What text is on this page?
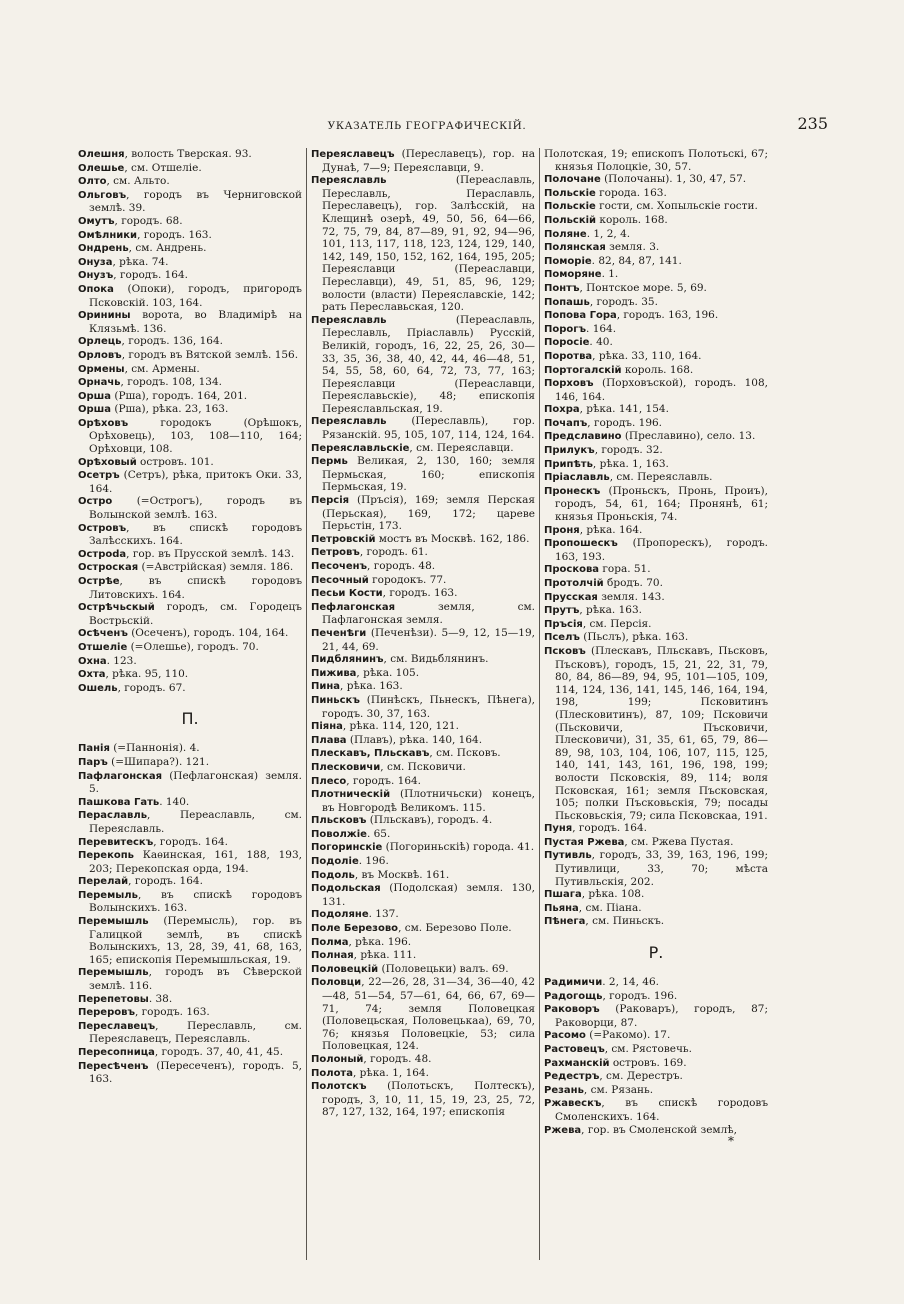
УКАЗАТЕЛЬ ГЕОГРАФИЧЕСКІЙ.	235
Олешня, волость Тверская. 93.
Олешье, см. Отшеліе.
Олто, см. Альто.
Ольговъ, городъ въ Черниговской землѣ. 39.
Омутъ, городъ. 68.
Омѣлники, городъ. 163.
Ондрень, см. Андрень.
Онуза, рѣка. 74.
Онузъ, городъ. 164.
Опока (Опоки), городъ, пригородъ Псковскій. 103, 164.
Оринины ворота, во Владимірѣ на Клязьмѣ. 136.
Орлець, городъ. 136, 164.
Орловъ, городъ въ Вятской землѣ. 156.
Ормены, см. Армены.
Орначь, городъ. 108, 134.
Орша (Рша), городъ. 164, 201.
Орша (Рша), рѣка. 23, 163.
Орѣховъ городокъ (Орѣшокъ, Орѣховець), 103, 108—110, 164; Орѣховци, 108.
Орѣховый островъ. 101.
Осетръ (Сетръ), рѣка, притокъ Оки. 33, 164.
Остро (=Острогъ), городъ въ Волынской землѣ. 163.
Островъ, въ спискѣ городовъ Залѣсскихъ. 164.
Остроda, гор. въ Прусской землѣ. 143.
Остроская (=Австрійская) земля. 186.
Острѣе, въ спискѣ городовъ Литовскихъ. 164.
Острѣчьскый городъ, см. Городецъ Вострьскій.
Осѣченъ (Осеченъ), городъ. 104, 164.
Отшеліе (=Олешье), городъ. 70.
Охна. 123.
Охта, рѣка. 95, 110.
Ошель, городъ. 67.
П.
Панія (=Паннонія). 4.
Паръ (=Шипара?). 121.
Пафлагонская (Пефлагонская) земля. 5.
Пашкова Гать. 140.
Пераславль, Переаславль, см. Переяславль.
Перевитескъ, городъ. 164.
Перекопь Каѳинская, 161, 188, 193, 203; Перекопская орда, 194.
Перелай, городъ. 164.
Перемыль, въ спискѣ городовъ Волынскихъ. 163.
Перемышль (Перемысль), гор. въ Галицкой землѣ, въ спискѣ Волынскихъ, 13, 28, 39, 41, 68, 163, 165; епископія Перемышльская, 19.
Перемышль, городъ въ Сѣверской землѣ. 116.
Перепетовы. 38.
Переровъ, городъ. 163.
Переславецъ, Переславль, см. Переяславецъ, Переяславль.
Пересопница, городъ. 37, 40, 41, 45.
Пересѣченъ (Пересеченъ), городъ. 5, 163.
Переяславецъ (Переславецъ), гор. на Дунаѣ, 7—9; Переяславци, 9.
Переяславль (Переаславль, Переславль, Пераславль, Переславецъ), гор. Залѣсскій, на Клещинѣ озерѣ, 49, 50, 56, 64—66, 72, 75, 79, 84, 87—89, 91, 92, 94—96, 101, 113, 117, 118, 123, 124, 129, 140, 142, 149, 150, 152, 162, 164, 195, 205; Переяславци (Переаславци, Переславци), 49, 51, 85, 96, 129; волости (власти) Переяславскіе, 142; рать Переславьская, 120.
Переяславль (Переаславль, Переславль, Пріаславль) Русскій, Великій, городъ, 16, 22, 25, 26, 30—33, 35, 36, 38, 40, 42, 44, 46—48, 51, 54, 55, 58, 60, 64, 72, 73, 77, 163; Переяславци (Переаславци, Переяславьскіе), 48; епископія Переяславльская, 19.
Переяславль (Переславль), гор. Рязанскій. 95, 105, 107, 114, 124, 164.
Переяславльскіе, см. Переяславци.
Пермь Великая, 2, 130, 160; земля Пермьская, 160; епископія Пермьская, 19.
Персія (Пръсія), 169; земля Перская (Перьская), 169, 172; цареве Перьстін, 173.
Петровскій мостъ въ Москвѣ. 162, 186.
Петровъ, городъ. 61.
Песоченъ, городъ. 48.
Песочный городокъ. 77.
Песьи Кости, городъ. 163.
Пефлагонская земля, см. Пафлагонская земля.
Печенѣги (Печенѣзи). 5—9, 12, 15—19, 21, 44, 69.
Пидблянинъ, см. Видьблянинъ.
Пижива, рѣка. 105.
Пина, рѣка. 163.
Пиньскъ (Пинѣскъ, Пьнескъ, Пѣнега), городъ. 30, 37, 163.
Піяна, рѣка. 114, 120, 121.
Плава (Плавъ), рѣка. 140, 164.
Плескавъ, Пльскавъ, см. Псковъ.
Плесковичи, см. Псковичи.
Плесо, городъ. 164.
Плотническій (Плотничьски) конецъ, въ Новгородѣ Великомъ. 115.
Пльсковъ (Пльскавъ), городъ. 4.
Поволжіе. 65.
Погоринскіе (Погориньскіѣ) города. 41.
Подоліе. 196.
Подоль, въ Москвѣ. 161.
Подольская (Подолская) земля. 130, 131.
Подоляне. 137.
Поле Березово, см. Березово Поле.
Полма, рѣка. 196.
Полная, рѣка. 111.
Половецкій (Половецьки) валъ. 69.
Половци, 22—26, 28, 31—34, 36—40, 42—48, 51—54, 57—61, 64, 66, 67, 69—71, 74; земля Половецкая (Половецьская, Половецькаа), 69, 70, 76; князья Половецкіе, 53; сила Половецкая, 124.
Полоный, городъ. 48.
Полота, рѣка. 1, 164.
Полотскъ (Полотьскъ, Полтескъ), городъ, 3, 10, 11, 15, 19, 23, 25, 72, 87, 127, 132, 164, 197; епископія
Полотская, 19; епископъ Полотьскі, 67; князья Полоцкіе, 30, 57.
Полочане (Полочаны). 1, 30, 47, 57.
Польскіе города. 163.
Польскіе гости, см. Хопыльскіе гости.
Польскій король. 168.
Поляне. 1, 2, 4.
Полянская земля. 3.
Поморіе. 82, 84, 87, 141.
Поморяне. 1.
Понтъ, Понтское море. 5, 69.
Попашь, городъ. 35.
Попова Гора, городъ. 163, 196.
Порогъ. 164.
Поросіе. 40.
Поротва, рѣка. 33, 110, 164.
Портогалскій король. 168.
Порховъ (Порховъской), городъ. 108, 146, 164.
Похра, рѣка. 141, 154.
Почапъ, городъ. 196.
Предславино (Преславино), село. 13.
Прилукъ, городъ. 32.
Припѣть, рѣка. 1, 163.
Пріаславль, см. Переяславль.
Пронескъ (Проньскъ, Пронь, Проиъ), городъ, 54, 61, 164; Пронянѣ, 61; князья Проньскія, 74.
Проня, рѣка. 164.
Пропошескъ (Пропорескъ), городъ. 163, 193.
Проскова гора. 51.
Протолчій бродъ. 70.
Прусская земля. 143.
Прутъ, рѣка. 163.
Пръсія, см. Персія.
Пселъ (Пьслъ), рѣка. 163.
Псковъ (Плескавъ, Пльскавъ, Пьсковъ, Пъсковъ), городъ, 15, 21, 22, 31, 79, 80, 84, 86—89, 94, 95, 101—105, 109, 114, 124, 136, 141, 145, 146, 164, 194, 198, 199; Псковитинъ (Плесковитинъ), 87, 109; Псковичи (Пьсковичи, Пъсковичи, Плесковичи), 31, 35, 61, 65, 79, 86—89, 98, 103, 104, 106, 107, 115, 125, 140, 141, 143, 161, 196, 198, 199; волости Псковскія, 89, 114; воля Псковская, 161; земля Пъсковская, 105; полки Пъсковьскія, 79; посады Пьсковьскія, 79; сила Псковскаа, 191.
Пуня, городъ. 164.
Пустая Ржева, см. Ржева Пустая.
Путивль, городъ, 33, 39, 163, 196, 199; Путивлици, 33, 70; мѣста Путивльскія, 202.
Пшага, рѣка. 108.
Пьяна, см. Піана.
Пѣнега, см. Пиньскъ.
Р.
Радимичи. 2, 14, 46.
Радогощь, городъ. 196.
Раковоръ (Раковаръ), городъ, 87; Раковорци, 87.
Расомо (=Ракомо). 17.
Растовецъ, см. Рястовечь.
Рахманскій островъ. 169.
Редестръ, см. Дерестръ.
Резань, см. Рязань.
Ржавескъ, въ спискѣ городовъ Смоленскихъ. 164.
Ржева, гор. въ Смоленской землѣ,
*
